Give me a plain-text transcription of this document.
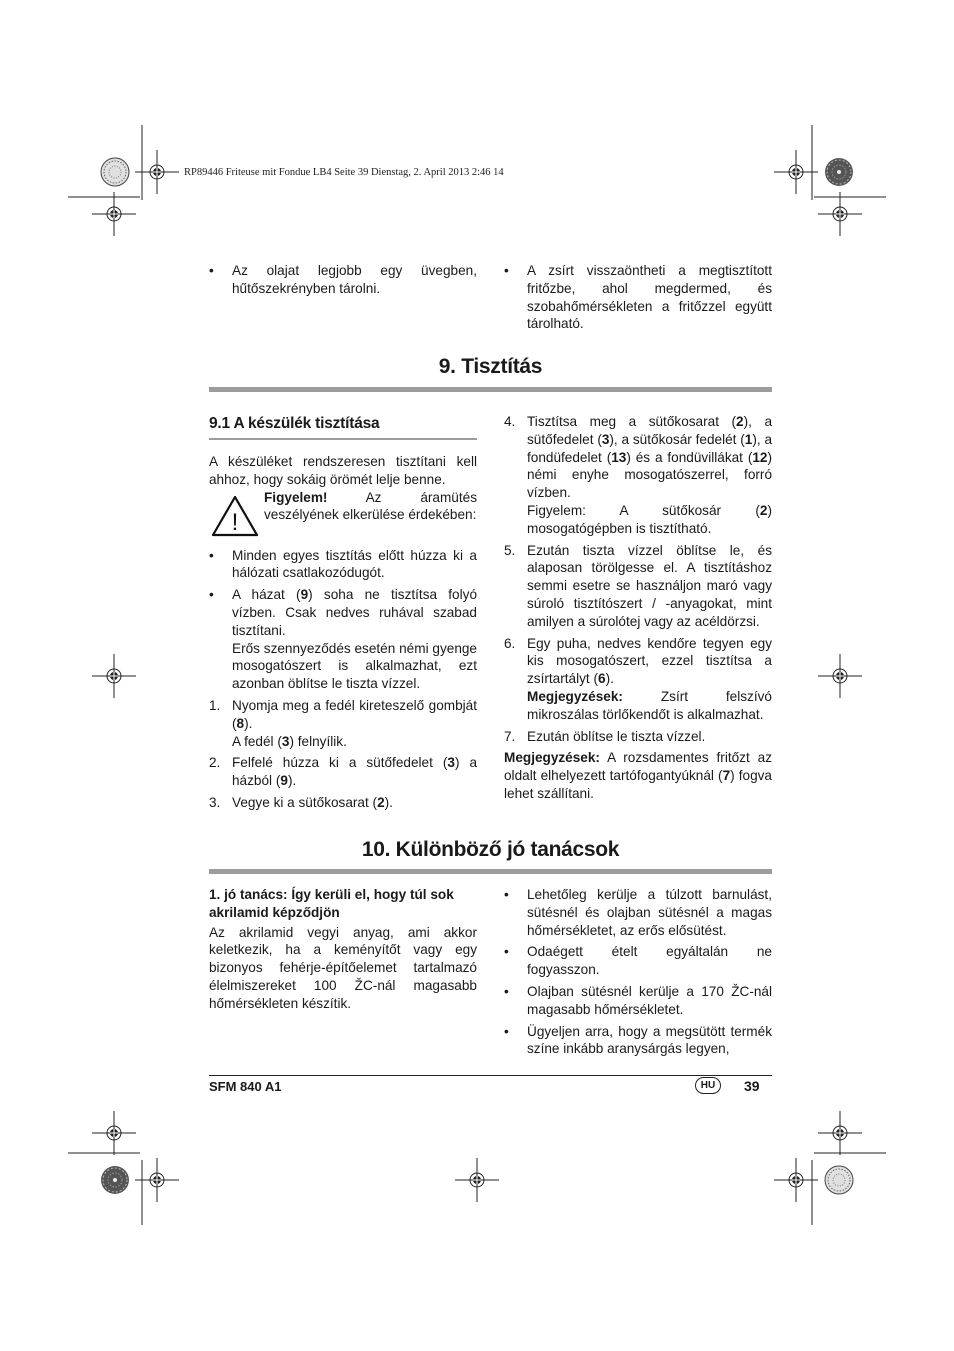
RP89446 Friteuse mit Fondue LB4 Seite 39 Dienstag, 2. April 2013 2:46 14
• Az olajat legjobb egy üvegben, hűtőszekrényben tárolni.

• A zsírt visszaöntheti a megtisztított fritőzbe, ahol megdermed, és szobahőmérsékleten a fritőzzel együtt tárolható.

9. Tisztítás
9.1 A készülék tisztítása

A készüléket rendszeresen tisztítani kell ahhoz, hogy sokáig örömét lelje benne.

!

Figyelem! Az áramütés veszélyének elkerülése érdekében:

• Minden egyes tisztítás előtt húzza ki a hálózati csatlakozódugót.

• A házat (9) soha ne tisztítsa folyó vízben. Csak nedves ruhával szabad tisztítani.

Erős szennyeződés esetén némi gyenge mosogatószert is alkalmazhat, ezt azonban öblítse le tiszta vízzel.

1. Nyomja meg a fedél kireteszelő gombját (8).

A fedél (3) felnyílik.

2. Felfelé húzza ki a sütőfedelet (3) a házból (9).

3. Vegye ki a sütőkosarat (2).

4. Tisztítsa meg a sütőkosarat (2), a sütőfedelet (3), a sütőkosár fedelét (1), a fondüfedelet (13) és a fondüvillákat (12) némi enyhe mosogatószerrel, forró vízben.

Figyelem: A sütőkosár (2) mosogatógépben is tisztítható.

5. Ezután tiszta vízzel öblítse le, és alaposan törölgesse el. A tisztításhoz semmi esetre se használjon maró vagy súroló tisztítószert / -anyagokat, mint amilyen a súrolótej vagy az acéldörzsi.

6. Egy puha, nedves kendőre tegyen egy kis mosogatószert, ezzel tisztítsa a zsírtartályt (6).

Megjegyzések: Zsírt felszívó mikroszálas törlőkendőt is alkalmazhat.

7. Ezután öblítse le tiszta vízzel.

Megjegyzések: A rozsdamentes fritőzt az oldalt elhelyezett tartófogantyúknál (7) fogva lehet szállítani.

10. Különböző jó tanácsok

1. jó tanács: Így kerüli el, hogy túl sok akrilamid képződjön

Az akrilamid vegyi anyag, ami akkor keletkezik, ha a keményítőt vagy egy bizonyos fehérje-építőelemet tartalmazó élelmiszereket 100 ŽC-nál magasabb hőmérsékleten készítik.

• Lehetőleg kerülje a túlzott barnulást, sütésnél és olajban sütésnél a magas hőmérsékletet, az erős elősütést.

• Odaégett ételt egyáltalán ne fogyasszon.

• Olajban sütésnél kerülje a 170 ŽC-nál magasabb hőmérsékletet.

• Ügyeljen arra, hogy a megsütött termék színe inkább aranysárgás legyen,

SFM 840 A1	HU	39
